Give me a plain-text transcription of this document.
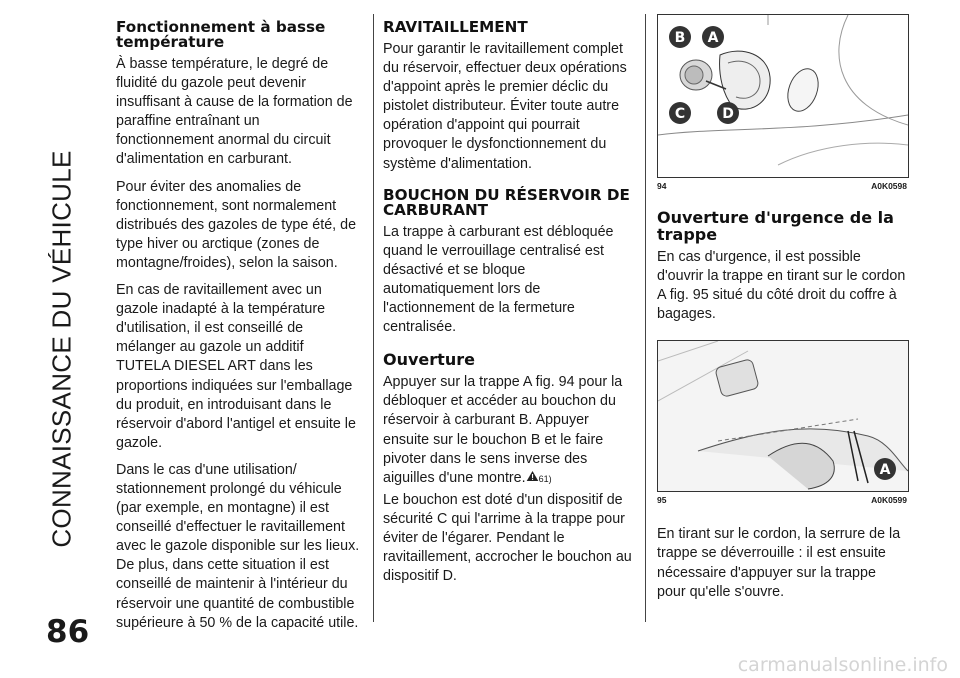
CONNAISSANCE DU VÉHICULE
86
Fonctionnement à basse température

À basse température, le degré de fluidité du gazole peut devenir insuffisant à cause de la formation de paraffine entraînant un fonctionnement anormal du circuit d'alimentation en carburant.

Pour éviter des anomalies de fonctionnement, sont normalement distribués des gazoles de type été, de type hiver ou arctique (zones de montagne/froides), selon la saison.

En cas de ravitaillement avec un gazole inadapté à la température d'utilisation, il est conseillé de mélanger au gazole un additif TUTELA DIESEL ART dans les proportions indiquées sur l'emballage du produit, en introduisant dans le réservoir d'abord l'antigel et ensuite le gazole.

Dans le cas d'une utilisation/ stationnement prolongé du véhicule (par exemple, en montagne) il est conseillé d'effectuer le ravitaillement avec le gazole disponible sur les lieux. De plus, dans cette situation il est conseillé de maintenir à l'intérieur du réservoir une quantité de combustible supérieure à 50 % de la capacité utile.

RAVITAILLEMENT

Pour garantir le ravitaillement complet du réservoir, effectuer deux opérations d'appoint après le premier déclic du pistolet distributeur. Éviter toute autre opération d'appoint qui pourrait provoquer le dysfonctionnement du système d'alimentation.

BOUCHON DU RÉSERVOIR DE CARBURANT

La trappe à carburant est débloquée quand le verrouillage centralisé est désactivé et se bloque automatiquement lors de l'actionnement de la fermeture centralisée.

Ouverture

Appuyer sur la trappe A fig. 94 pour la débloquer et accéder au bouchon du réservoir à carburant B. Appuyer ensuite sur le bouchon B et le faire pivoter dans le sens inverse des aiguilles d'une montre. 61)

Le bouchon est doté d'un dispositif de sécurité C qui l'arrime à la trappe pour éviter de l'égarer. Pendant le ravitaillement, accrocher le bouchon au dispositif D.

B A
C	D
94	A0K0598
Ouverture d'urgence de la trappe

En cas d'urgence, il est possible d'ouvrir la trappe en tirant sur le cordon A fig. 95 situé du côté droit du coffre à bagages.

A
95	A0K0599

En tirant sur le cordon, la serrure de la trappe se déverrouille : il est ensuite nécessaire d'appuyer sur la trappe pour qu'elle s'ouvre.

carmanualsonline.info
